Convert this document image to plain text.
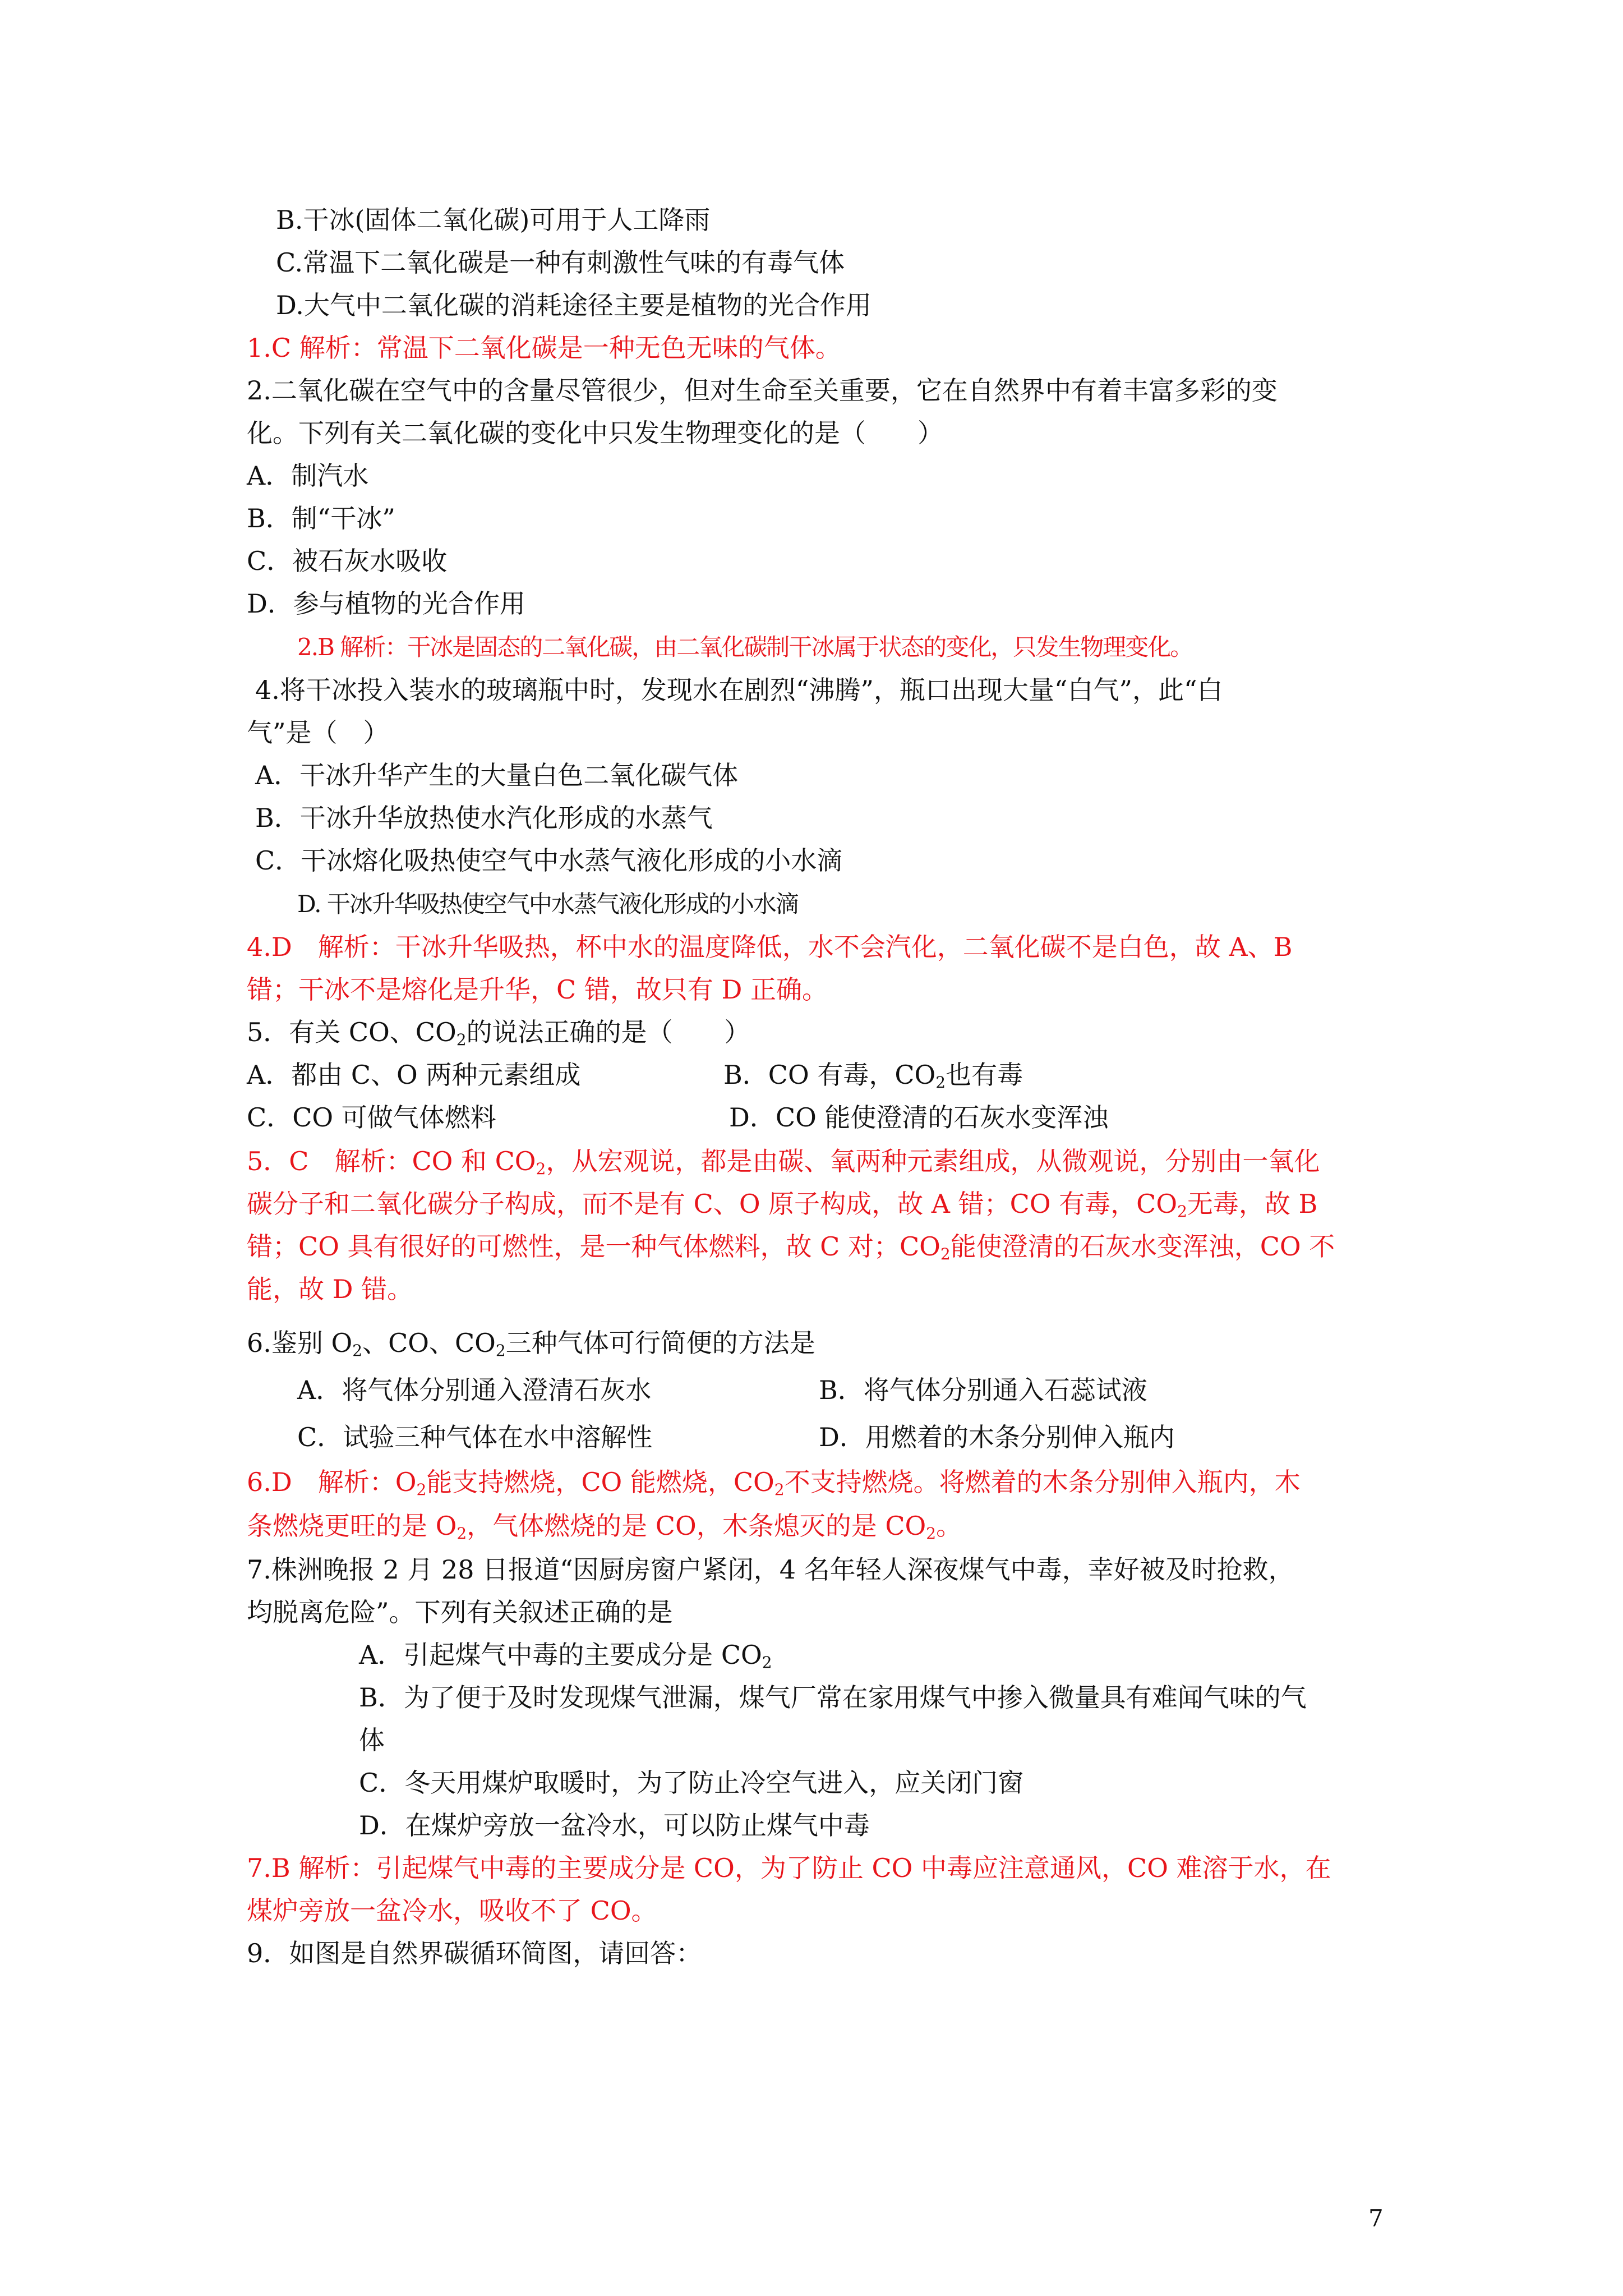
B.干冰(固体二氧化碳)可用于人工降雨
C.常温下二氧化碳是一种有刺激性气味的有毒气体
D.大气中二氧化碳的消耗途径主要是植物的光合作用
1.C 解析：常温下二氧化碳是一种无色无味的气体。
2.二氧化碳在空气中的含量尽管很少，但对生命至关重要，它在自然界中有着丰富多彩的变
化。下列有关二氧化碳的变化中只发生物理变化的是（　　）
A．制汽水
B．制“干冰”
C．被石灰水吸收
D．参与植物的光合作用
2.B 解析：干冰是固态的二氧化碳，由二氧化碳制干冰属于状态的变化，只发生物理变化。
4.将干冰投入装水的玻璃瓶中时，发现水在剧烈“沸腾”，瓶口出现大量“白气”，此“白
气”是（　）
A．干冰升华产生的大量白色二氧化碳气体
B．干冰升华放热使水汽化形成的水蒸气
C．干冰熔化吸热使空气中水蒸气液化形成的小水滴
D. 干冰升华吸热使空气中水蒸气液化形成的小水滴
4.D　解析：干冰升华吸热，杯中水的温度降低，水不会汽化，二氧化碳不是白色，故 A、B
错；干冰不是熔化是升华，C 错，故只有 D 正确。
5．有关 CO、$CO_2$的说法正确的是（　　）
A．都由 C、O 两种元素组成	B．CO 有毒，$CO_2$也有毒
C．CO 可做气体燃料	D．CO 能使澄清的石灰水变浑浊
5．C　解析：CO 和 $CO_2$，从宏观说，都是由碳、氧两种元素组成，从微观说，分别由一氧化
碳分子和二氧化碳分子构成，而不是有 C、O 原子构成，故 A 错；CO 有毒，$CO_2$无毒，故 B
错；CO 具有很好的可燃性，是一种气体燃料，故 C 对；$CO_2$能使澄清的石灰水变浑浊，CO 不
能，故 D 错。
6.鉴别 $O_2$、CO、$CO_2$三种气体可行简便的方法是
A．将气体分别通入澄清石灰水	B．将气体分别通入石蕊试液
C．试验三种气体在水中溶解性	D．用燃着的木条分别伸入瓶内
6.D　解析：$O_2$能支持燃烧，CO 能燃烧，$CO_2$不支持燃烧。将燃着的木条分别伸入瓶内，木
条燃烧更旺的是 $O_2$，气体燃烧的是 CO，木条熄灭的是 $CO_2$。
7.株洲晚报 2 月 28 日报道“因厨房窗户紧闭，4 名年轻人深夜煤气中毒，幸好被及时抢救，
均脱离危险”。下列有关叙述正确的是
A．引起煤气中毒的主要成分是 $CO_2$
B．为了便于及时发现煤气泄漏，煤气厂常在家用煤气中掺入微量具有难闻气味的气
体
C．冬天用煤炉取暖时，为了防止冷空气进入，应关闭门窗
D．在煤炉旁放一盆冷水，可以防止煤气中毒
7.B 解析：引起煤气中毒的主要成分是 CO，为了防止 CO 中毒应注意通风，CO 难溶于水，在
煤炉旁放一盆冷水，吸收不了 CO。
9．如图是自然界碳循环简图，请回答：
7
